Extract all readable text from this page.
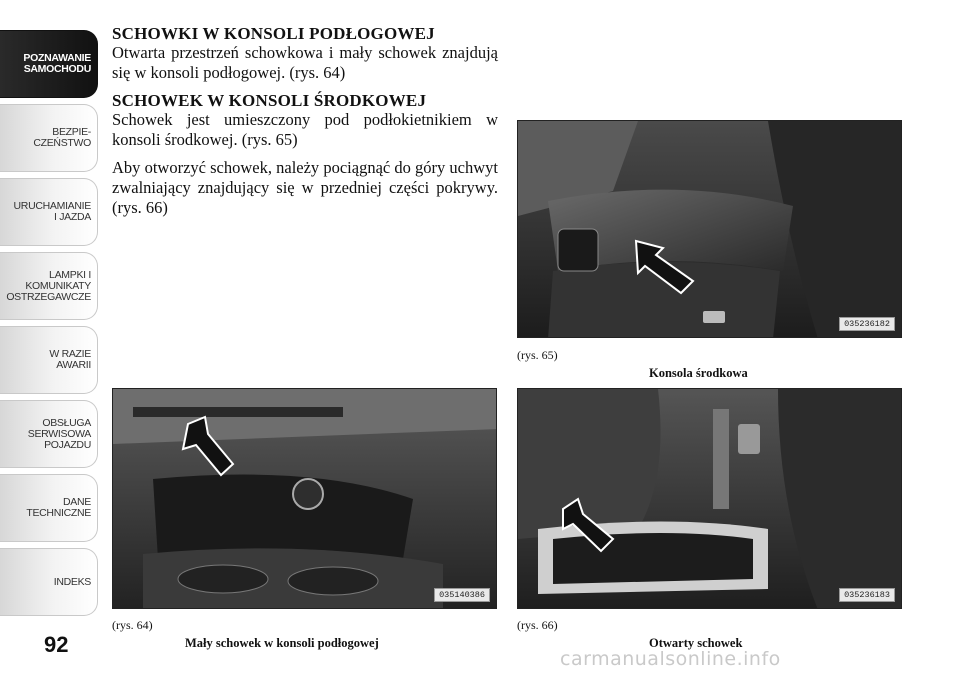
POZNAWANIE
SAMOCHODU
BEZPIE-
CZEŃSTWO
URUCHAMIANIE
I JAZDA
LAMPKI I
KOMUNIKATY
OSTRZEGAWCZE
W RAZIE
AWARII
OBSŁUGA
SERWISOWA
POJAZDU
DANE
TECHNICZNE
INDEKS
92
SCHOWKI W KONSOLI PODŁOGOWEJ
Otwarta przestrzeń schowkowa i mały schowek znajdują się w konsoli podłogowej. (rys. 64)
SCHOWEK W KONSOLI ŚRODKOWEJ
Schowek jest umieszczony pod podłokietnikiem w konsoli środkowej. (rys. 65)
Aby otworzyć schowek, należy pociągnąć do góry uchwyt zwalniający znajdujący się w przedniej części pokrywy. (rys. 66)
035236182
(rys. 65)
Konsola środkowa
035140386
(rys. 64)
Mały schowek w konsoli podłogowej
035236183
(rys. 66)
Otwarty schowek
carmanualsonline.info
